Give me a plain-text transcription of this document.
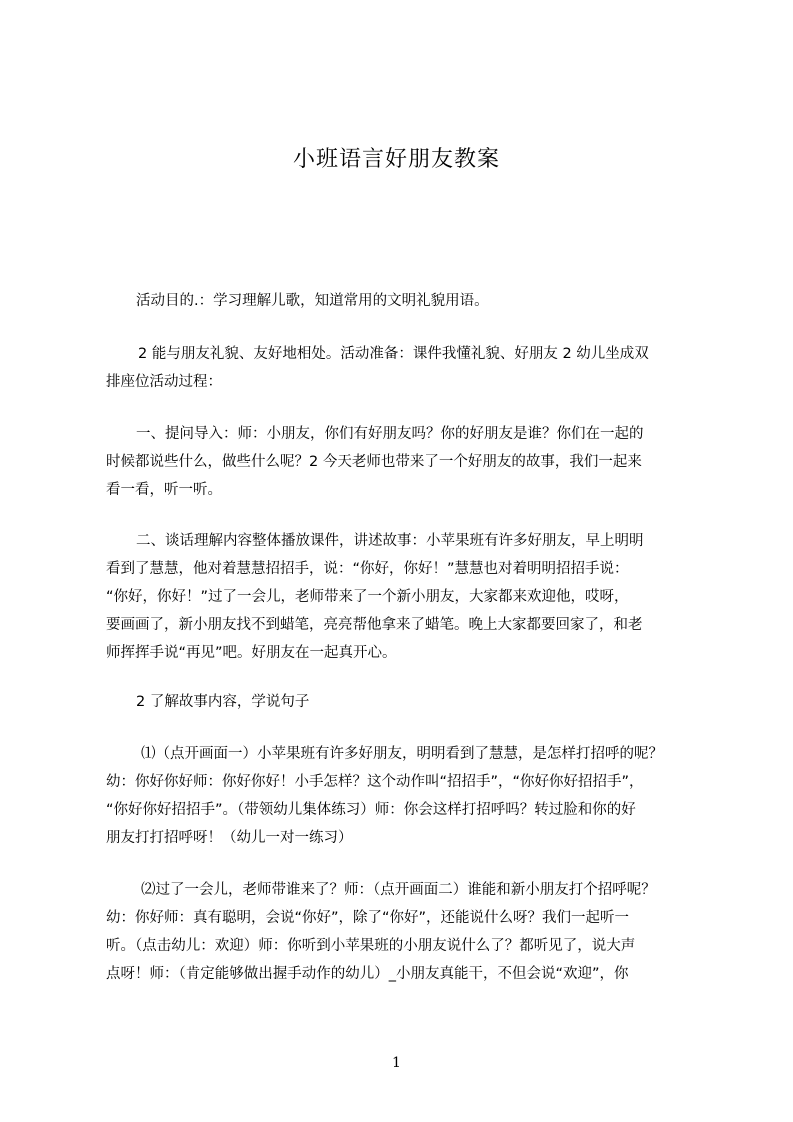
小班语言好朋友教案

活动目的.：学习理解儿歌，知道常用的文明礼貌用语。

2 能与朋友礼貌、友好地相处。活动准备：课件我懂礼貌、好朋友 2 幼儿坐成双
排座位活动过程：

一、提问导入：师：小朋友，你们有好朋友吗？你的好朋友是谁？你们在一起的
时候都说些什么，做些什么呢？2 今天老师也带来了一个好朋友的故事，我们一起来
看一看，听一听。

二、谈话理解内容整体播放课件，讲述故事：小苹果班有许多好朋友，早上明明
看到了慧慧，他对着慧慧招招手，说：“你好，你好！”慧慧也对着明明招招手说：
“你好，你好！”过了一会儿，老师带来了一个新小朋友，大家都来欢迎他，哎呀，
要画画了，新小朋友找不到蜡笔，亮亮帮他拿来了蜡笔。晚上大家都要回家了，和老
师挥挥手说“再见”吧。好朋友在一起真开心。

2 了解故事内容，学说句子

⑴（点开画面一）小苹果班有许多好朋友，明明看到了慧慧，是怎样打招呼的呢？
幼：你好你好师：你好你好！小手怎样？这个动作叫“招招手”，“你好你好招招手”，
“你好你好招招手”。（带领幼儿集体练习）师：你会这样打招呼吗？转过脸和你的好
朋友打打招呼呀！（幼儿一对一练习）

⑵过了一会儿，老师带谁来了？师：（点开画面二）谁能和新小朋友打个招呼呢？
幼：你好师：真有聪明，会说“你好”，除了“你好”，还能说什么呀？我们一起听一
听。（点击幼儿：欢迎）师：你听到小苹果班的小朋友说什么了？都听见了，说大声
点呀！师：（肯定能够做出握手动作的幼儿）_小朋友真能干，不但会说“欢迎”，你

1
